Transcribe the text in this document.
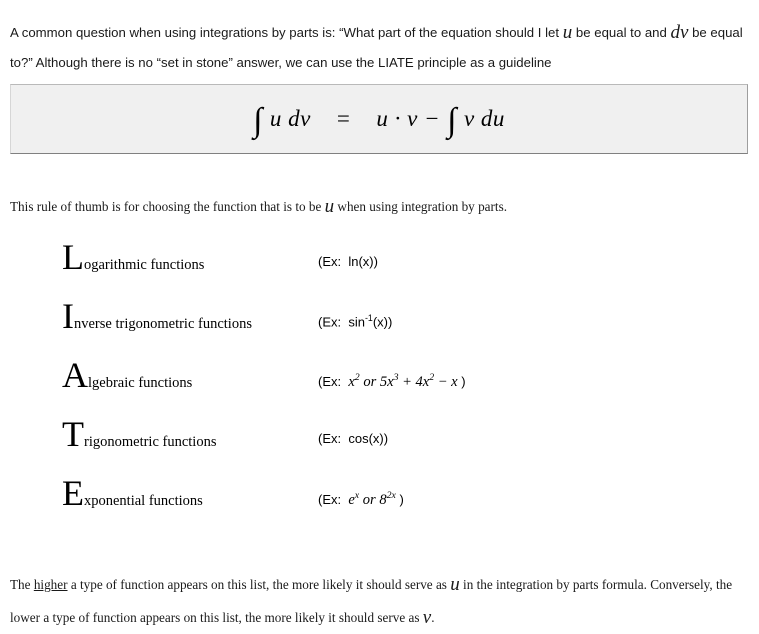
A common question when using integrations by parts is: “What part of the equation should I let u be equal to and dv be equal to?” Although there is no “set in stone” answer, we can use the LIATE principle as a guideline

∫ u dv = u · v − ∫ v du

This rule of thumb is for choosing the function that is to be u when using integration by parts.

Logarithmic functions	(Ex:  ln(x))
Inverse trigonometric functions	(Ex:  $\sin^{-1}(x)$)
Algebraic functions	(Ex: $x^2$ or $5x^3 + 4x^2 - x$ )
Trigonometric functions	(Ex:  cos(x))
Exponential functions	(Ex: $e^x$ or $8^{2x}$ )

The higher a type of function appears on this list, the more likely it should serve as u in the integration by parts formula. Conversely, the lower a type of function appears on this list, the more likely it should serve as v.
